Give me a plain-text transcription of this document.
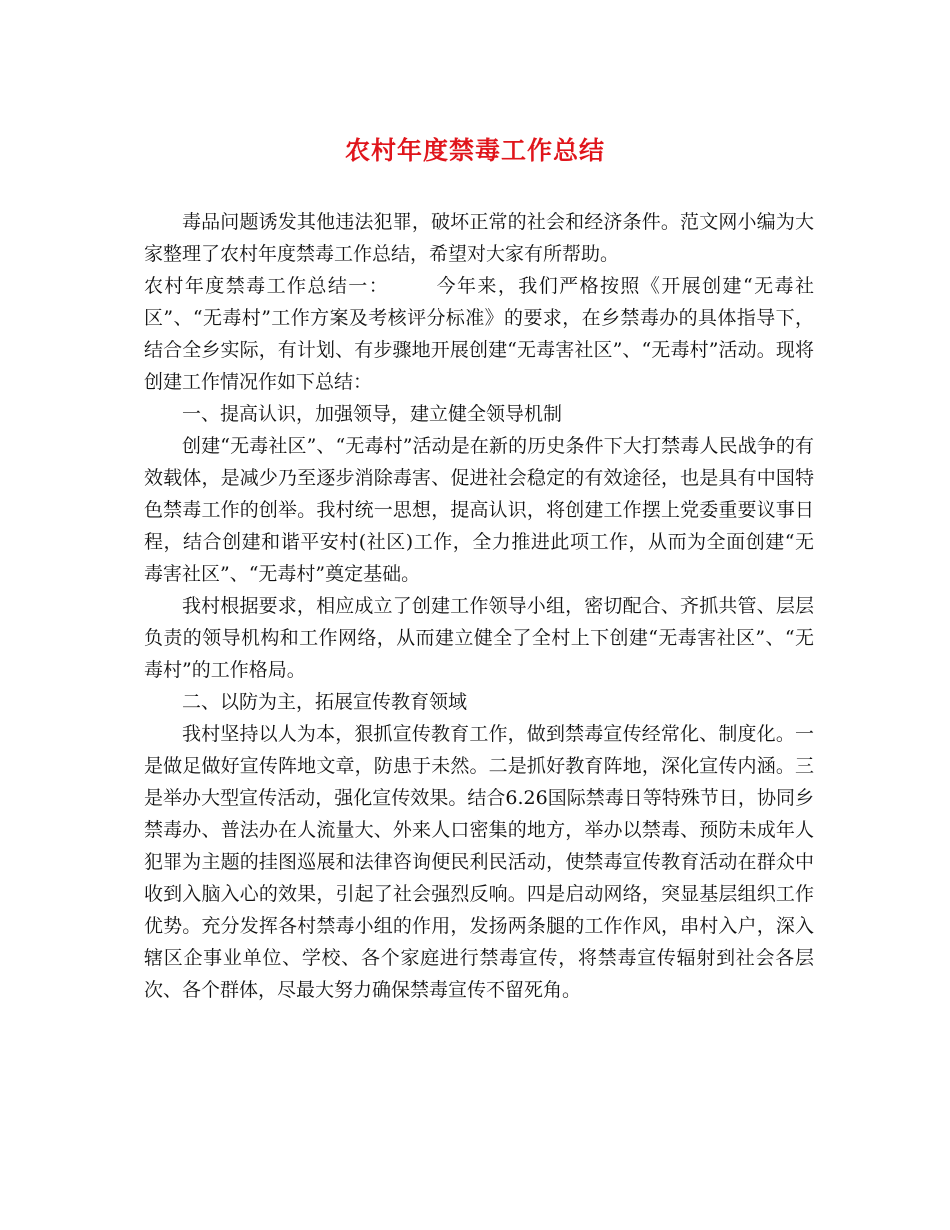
农村年度禁毒工作总结

毒品问题诱发其他违法犯罪，破坏正常的社会和经济条件。范文网小编为大家整理了农村年度禁毒工作总结，希望对大家有所帮助。

农村年度禁毒工作总结一： 今年来，我们严格按照《开展创建“无毒社区”、“无毒村”工作方案及考核评分标准》的要求，在乡禁毒办的具体指导下，结合全乡实际，有计划、有步骤地开展创建“无毒害社区”、“无毒村”活动。现将创建工作情况作如下总结：

一、提高认识，加强领导，建立健全领导机制

创建“无毒社区”、“无毒村”活动是在新的历史条件下大打禁毒人民战争的有效载体，是减少乃至逐步消除毒害、促进社会稳定的有效途径，也是具有中国特色禁毒工作的创举。我村统一思想，提高认识，将创建工作摆上党委重要议事日程，结合创建和谐平安村(社区)工作，全力推进此项工作，从而为全面创建“无毒害社区”、“无毒村”奠定基础。

我村根据要求，相应成立了创建工作领导小组，密切配合、齐抓共管、层层负责的领导机构和工作网络，从而建立健全了全村上下创建“无毒害社区”、“无毒村”的工作格局。

二、以防为主，拓展宣传教育领域

我村坚持以人为本，狠抓宣传教育工作，做到禁毒宣传经常化、制度化。一是做足做好宣传阵地文章，防患于未然。二是抓好教育阵地，深化宣传内涵。三是举办大型宣传活动，强化宣传效果。结合6.26国际禁毒日等特殊节日，协同乡禁毒办、普法办在人流量大、外来人口密集的地方，举办以禁毒、预防未成年人犯罪为主题的挂图巡展和法律咨询便民利民活动，使禁毒宣传教育活动在群众中收到入脑入心的效果，引起了社会强烈反响。四是启动网络，突显基层组织工作优势。充分发挥各村禁毒小组的作用，发扬两条腿的工作作风，串村入户，深入辖区企事业单位、学校、各个家庭进行禁毒宣传，将禁毒宣传辐射到社会各层次、各个群体，尽最大努力确保禁毒宣传不留死角。
